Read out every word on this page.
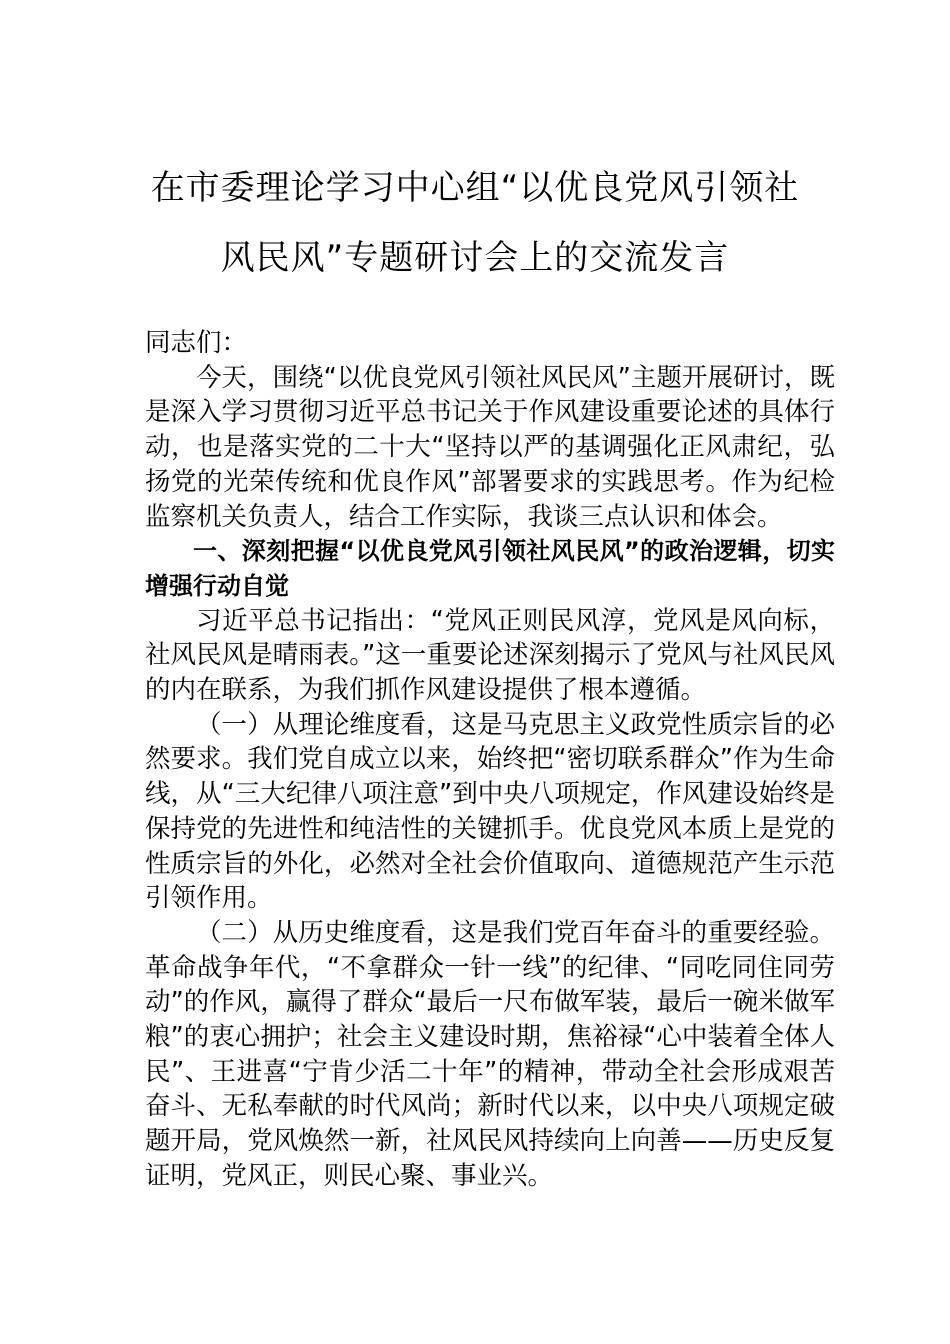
在市委理论学习中心组“以优良党风引领社
风民风”专题研讨会上的交流发言

同志们：

今天，围绕“以优良党风引领社风民风”主题开展研讨，既是深入学习贯彻习近平总书记关于作风建设重要论述的具体行动，也是落实党的二十大“坚持以严的基调强化正风肃纪，弘扬党的光荣传统和优良作风”部署要求的实践思考。作为纪检监察机关负责人，结合工作实际，我谈三点认识和体会。

一、深刻把握“以优良党风引领社风民风”的政治逻辑，切实增强行动自觉

习近平总书记指出：“党风正则民风淳，党风是风向标，社风民风是晴雨表。”这一重要论述深刻揭示了党风与社风民风的内在联系，为我们抓作风建设提供了根本遵循。

（一）从理论维度看，这是马克思主义政党性质宗旨的必然要求。我们党自成立以来，始终把“密切联系群众”作为生命线，从“三大纪律八项注意”到中央八项规定，作风建设始终是保持党的先进性和纯洁性的关键抓手。优良党风本质上是党的性质宗旨的外化，必然对全社会价值取向、道德规范产生示范引领作用。

（二）从历史维度看，这是我们党百年奋斗的重要经验。革命战争年代，“不拿群众一针一线”的纪律、“同吃同住同劳动”的作风，赢得了群众“最后一尺布做军装，最后一碗米做军粮”的衷心拥护；社会主义建设时期，焦裕禄“心中装着全体人民”、王进喜“宁肯少活二十年”的精神，带动全社会形成艰苦奋斗、无私奉献的时代风尚；新时代以来，以中央八项规定破题开局，党风焕然一新，社风民风持续向上向善——历史反复证明，党风正，则民心聚、事业兴。
